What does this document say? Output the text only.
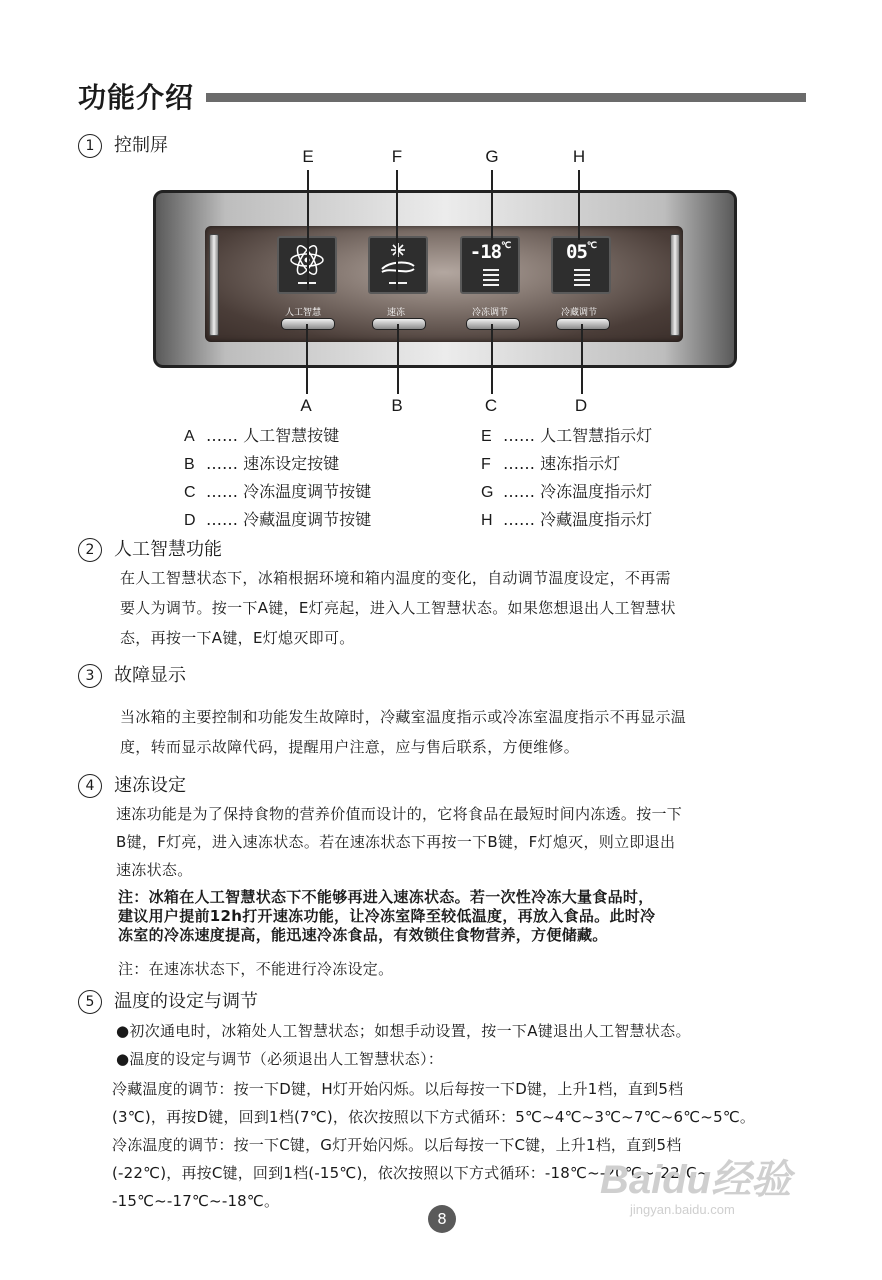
功能介绍
1 控制屏
E	F	G	H
-18℃	05℃
人工智慧	速冻	冷冻调节	冷藏调节
A	B	C	D
A …… 人工智慧按键
B …… 速冻设定按键
C …… 冷冻温度调节按键
D …… 冷藏温度调节按键
E …… 人工智慧指示灯
F …… 速冻指示灯
G …… 冷冻温度指示灯
H …… 冷藏温度指示灯
2 人工智慧功能
在人工智慧状态下，冰箱根据环境和箱内温度的变化，自动调节温度设定，不再需
要人为调节。按一下A键，E灯亮起，进入人工智慧状态。如果您想退出人工智慧状
态，再按一下A键，E灯熄灭即可。
3 故障显示
当冰箱的主要控制和功能发生故障时，冷藏室温度指示或冷冻室温度指示不再显示温
度，转而显示故障代码，提醒用户注意，应与售后联系，方便维修。
4 速冻设定
速冻功能是为了保持食物的营养价值而设计的，它将食品在最短时间内冻透。按一下
B键，F灯亮，进入速冻状态。若在速冻状态下再按一下B键，F灯熄灭，则立即退出
速冻状态。
注：冰箱在人工智慧状态下不能够再进入速冻状态。若一次性冷冻大量食品时，
建议用户提前12h打开速冻功能，让冷冻室降至较低温度，再放入食品。此时冷
冻室的冷冻速度提高，能迅速冷冻食品，有效锁住食物营养，方便储藏。
注：在速冻状态下，不能进行冷冻设定。
5 温度的设定与调节
●初次通电时，冰箱处人工智慧状态；如想手动设置，按一下A键退出人工智慧状态。
●温度的设定与调节（必须退出人工智慧状态）：
冷藏温度的调节：按一下D键，H灯开始闪烁。以后每按一下D键，上升1档，直到5档
(3℃)，再按D键，回到1档(7℃)，依次按照以下方式循环：5℃~4℃~3℃~7℃~6℃~5℃。
冷冻温度的调节：按一下C键，G灯开始闪烁。以后每按一下C键，上升1档，直到5档
(-22℃)，再按C键，回到1档(-15℃)，依次按照以下方式循环：-18℃~-20℃~-22℃~
-15℃~-17℃~-18℃。	Baidu经验
jingyan.baidu.com
8
